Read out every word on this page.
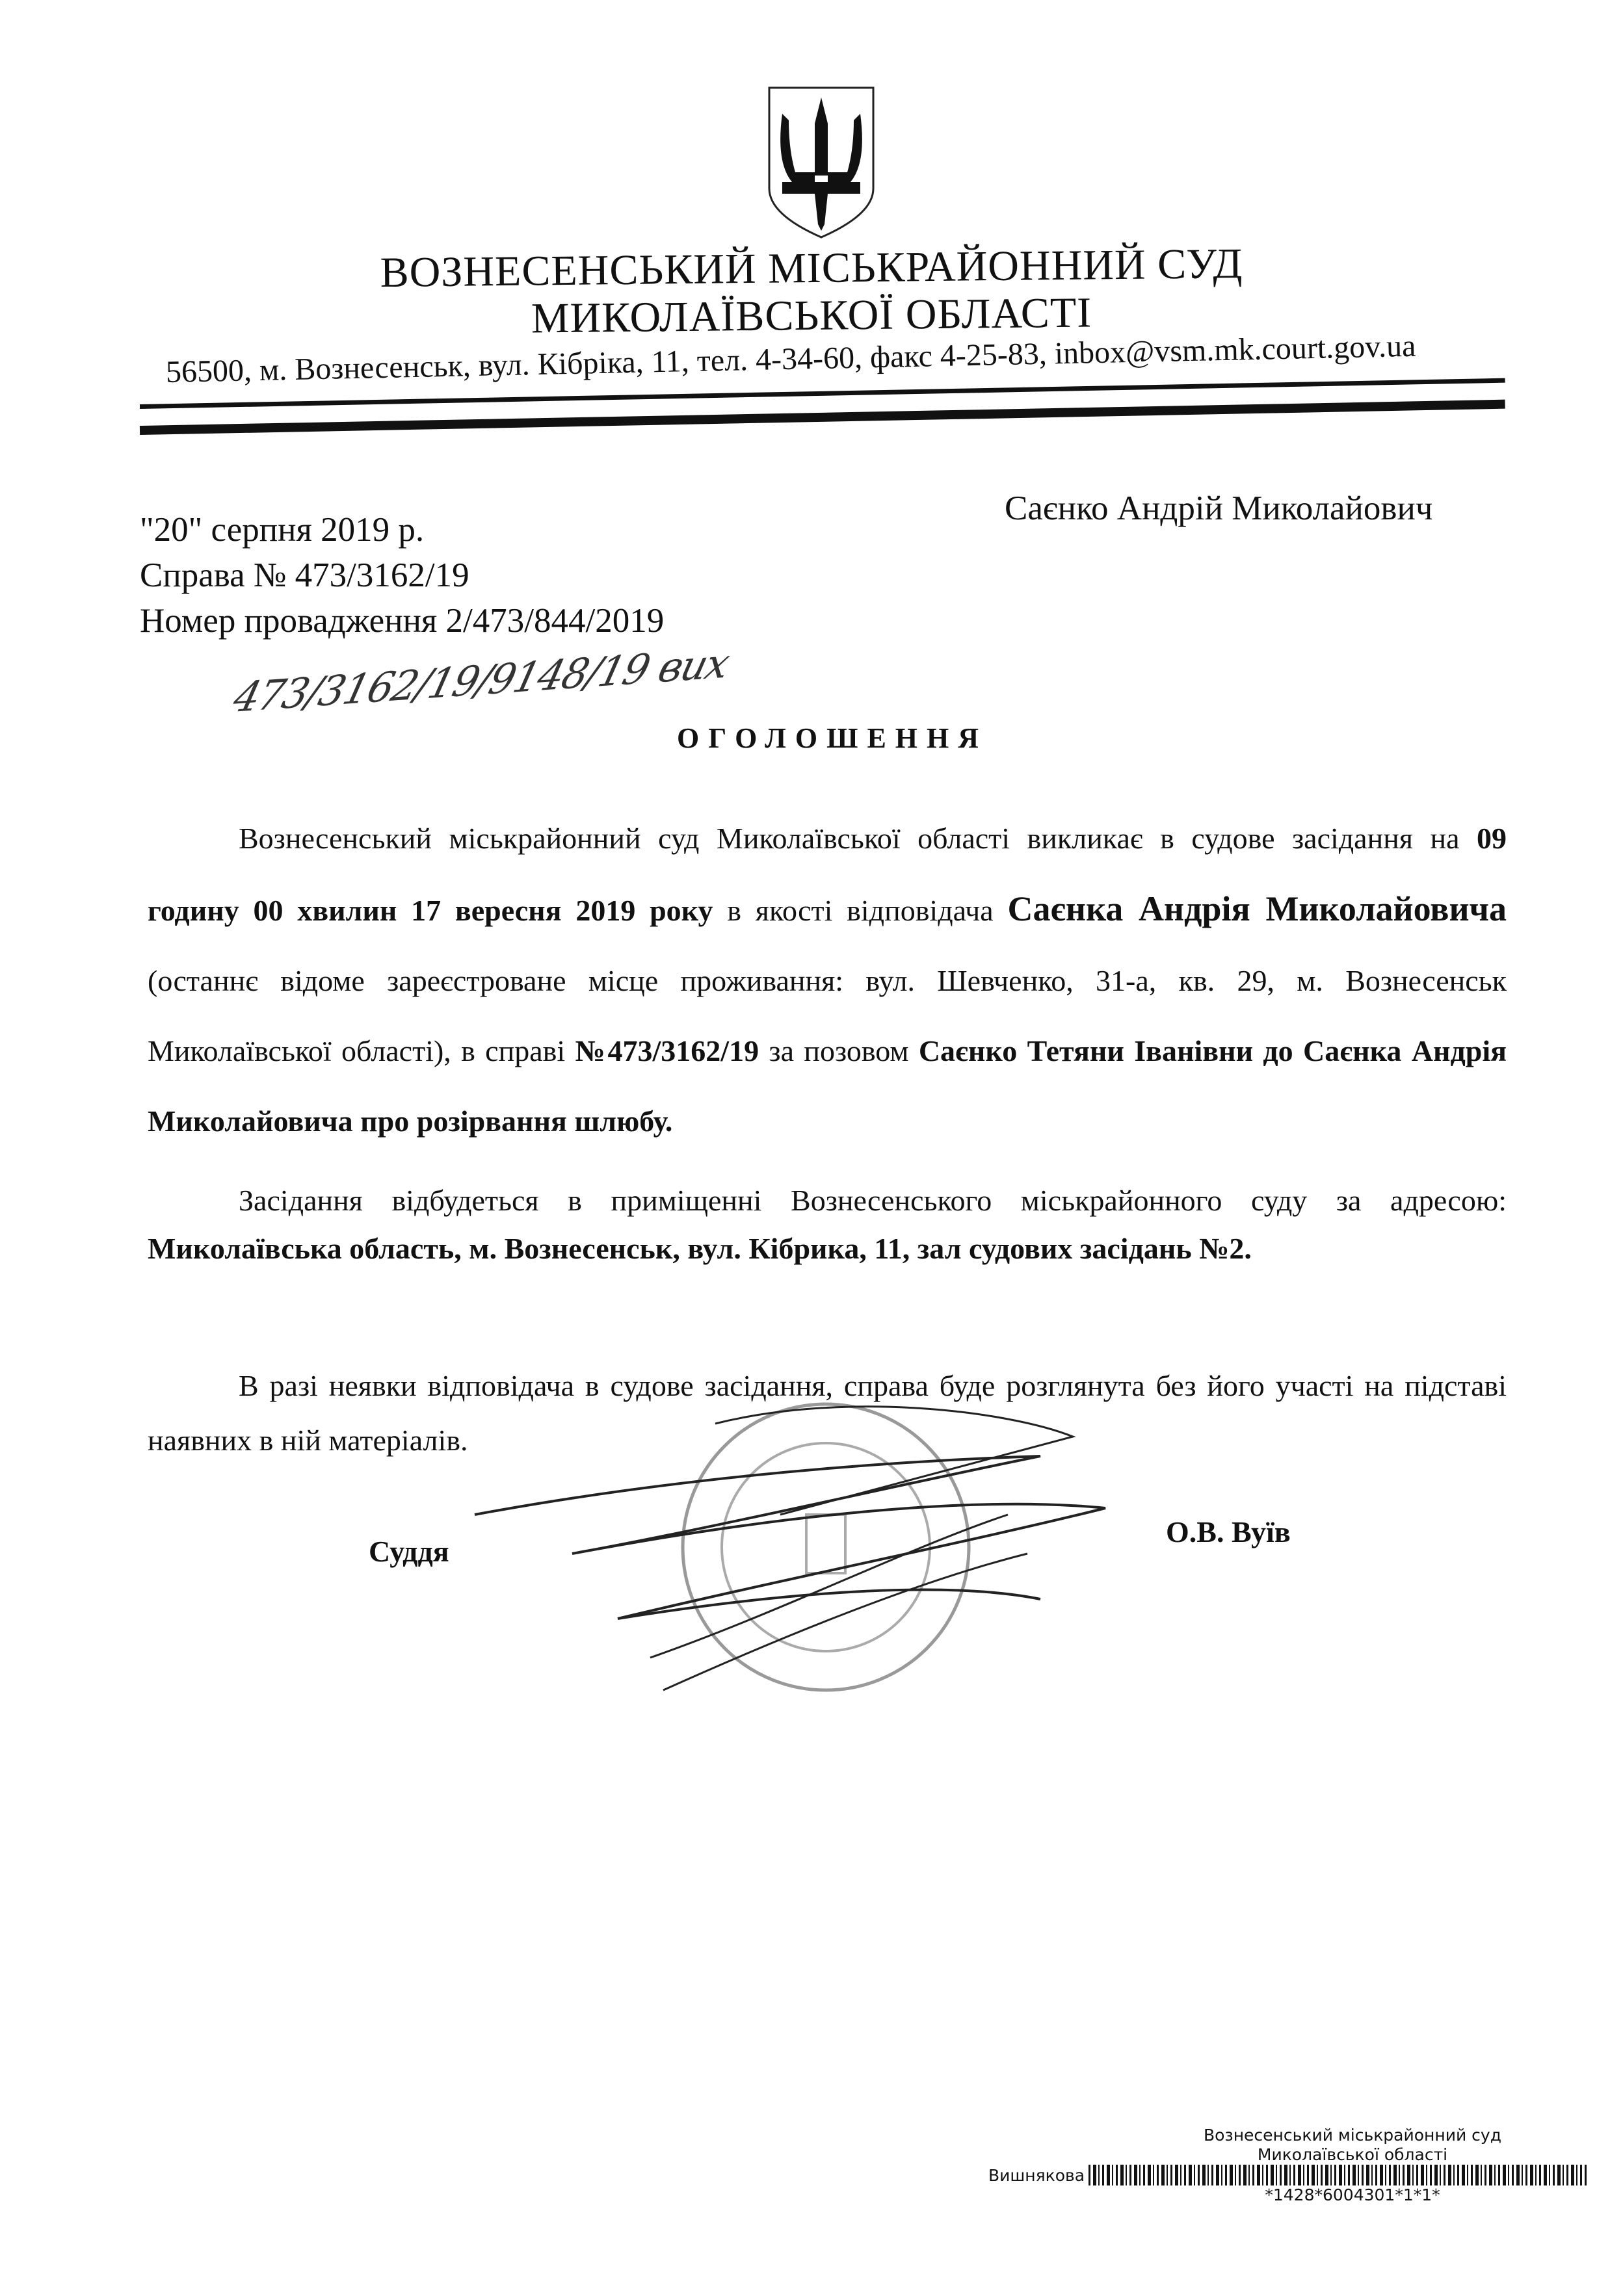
ВОЗНЕСЕНСЬКИЙ МІСЬКРАЙОННИЙ СУД
МИКОЛАЇВСЬКОЇ ОБЛАСТІ
56500, м. Вознесенськ, вул. Кібріка, 11, тел. 4-34-60, факс 4-25-83, inbox@vsm.mk.court.gov.ua
"20" серпня 2019 р.
Справа № 473/3162/19
Номер провадження 2/473/844/2019
473/3162/19/9148/19 вих
Саєнко Андрій Миколайович
ОГОЛОШЕННЯ
Вознесенський міськрайонний суд Миколаївської області викликає в судове засідання на 09 годину 00 хвилин 17 вересня 2019 року в якості відповідача Саєнка Андрія Миколайовича (останнє відоме зареєстроване місце проживання: вул. Шевченко, 31-а, кв. 29, м. Вознесенськ Миколаївської області), в справі №473/3162/19 за позовом Саєнко Тетяни Іванівни до Саєнка Андрія Миколайовича про розірвання шлюбу.
Засідання відбудеться в приміщенні Вознесенського міськрайонного суду за адресою: Миколаївська область, м. Вознесенськ, вул. Кібрика, 11, зал судових засідань №2.
В разі неявки відповідача в судове засідання, справа буде розглянута без його участі на підставі наявних в ній матеріалів.
Суддя
О.В. Вуїв
Вознесенський міськрайонний суд
Миколаївської області
Вишнякова
*1428*6004301*1*1*
